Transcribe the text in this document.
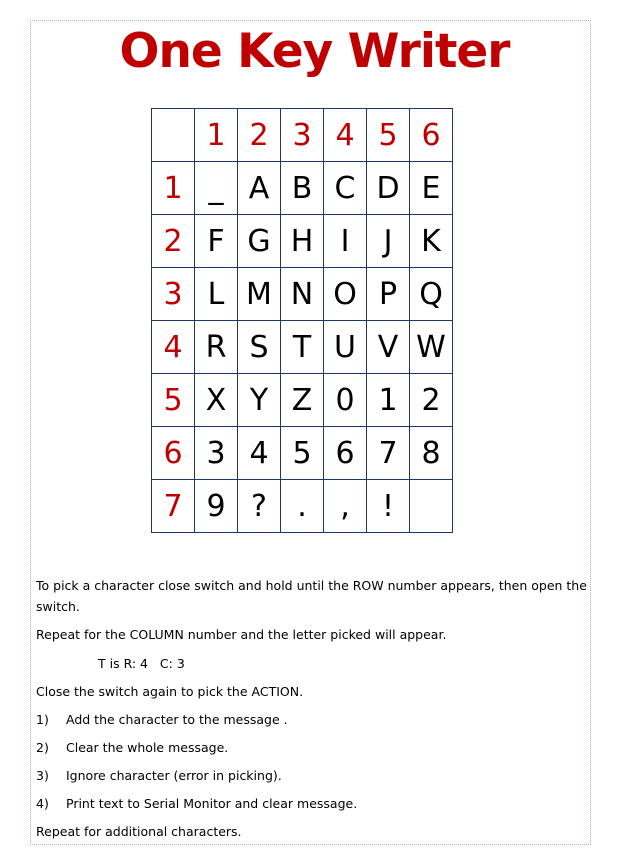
One Key Writer
	1	2	3	4	5	6
1	_	A	B	C	D	E
2	F	G	H	I	J	K
3	L	M	N	O	P	Q
4	R	S	T	U	V	W
5	X	Y	Z	0	1	2
6	3	4	5	6	7	8
7	9	?	.	,	!	

To pick a character close switch and hold until the ROW number appears, then open the

switch.

Repeat for the COLUMN number and the letter picked will appear.

T is R: 4   C: 3

Close the switch again to pick the ACTION.

1) Add the character to the message .
2) Clear the whole message.
3) Ignore character (error in picking).
4) Print text to Serial Monitor and clear message.

Repeat for additional characters.
